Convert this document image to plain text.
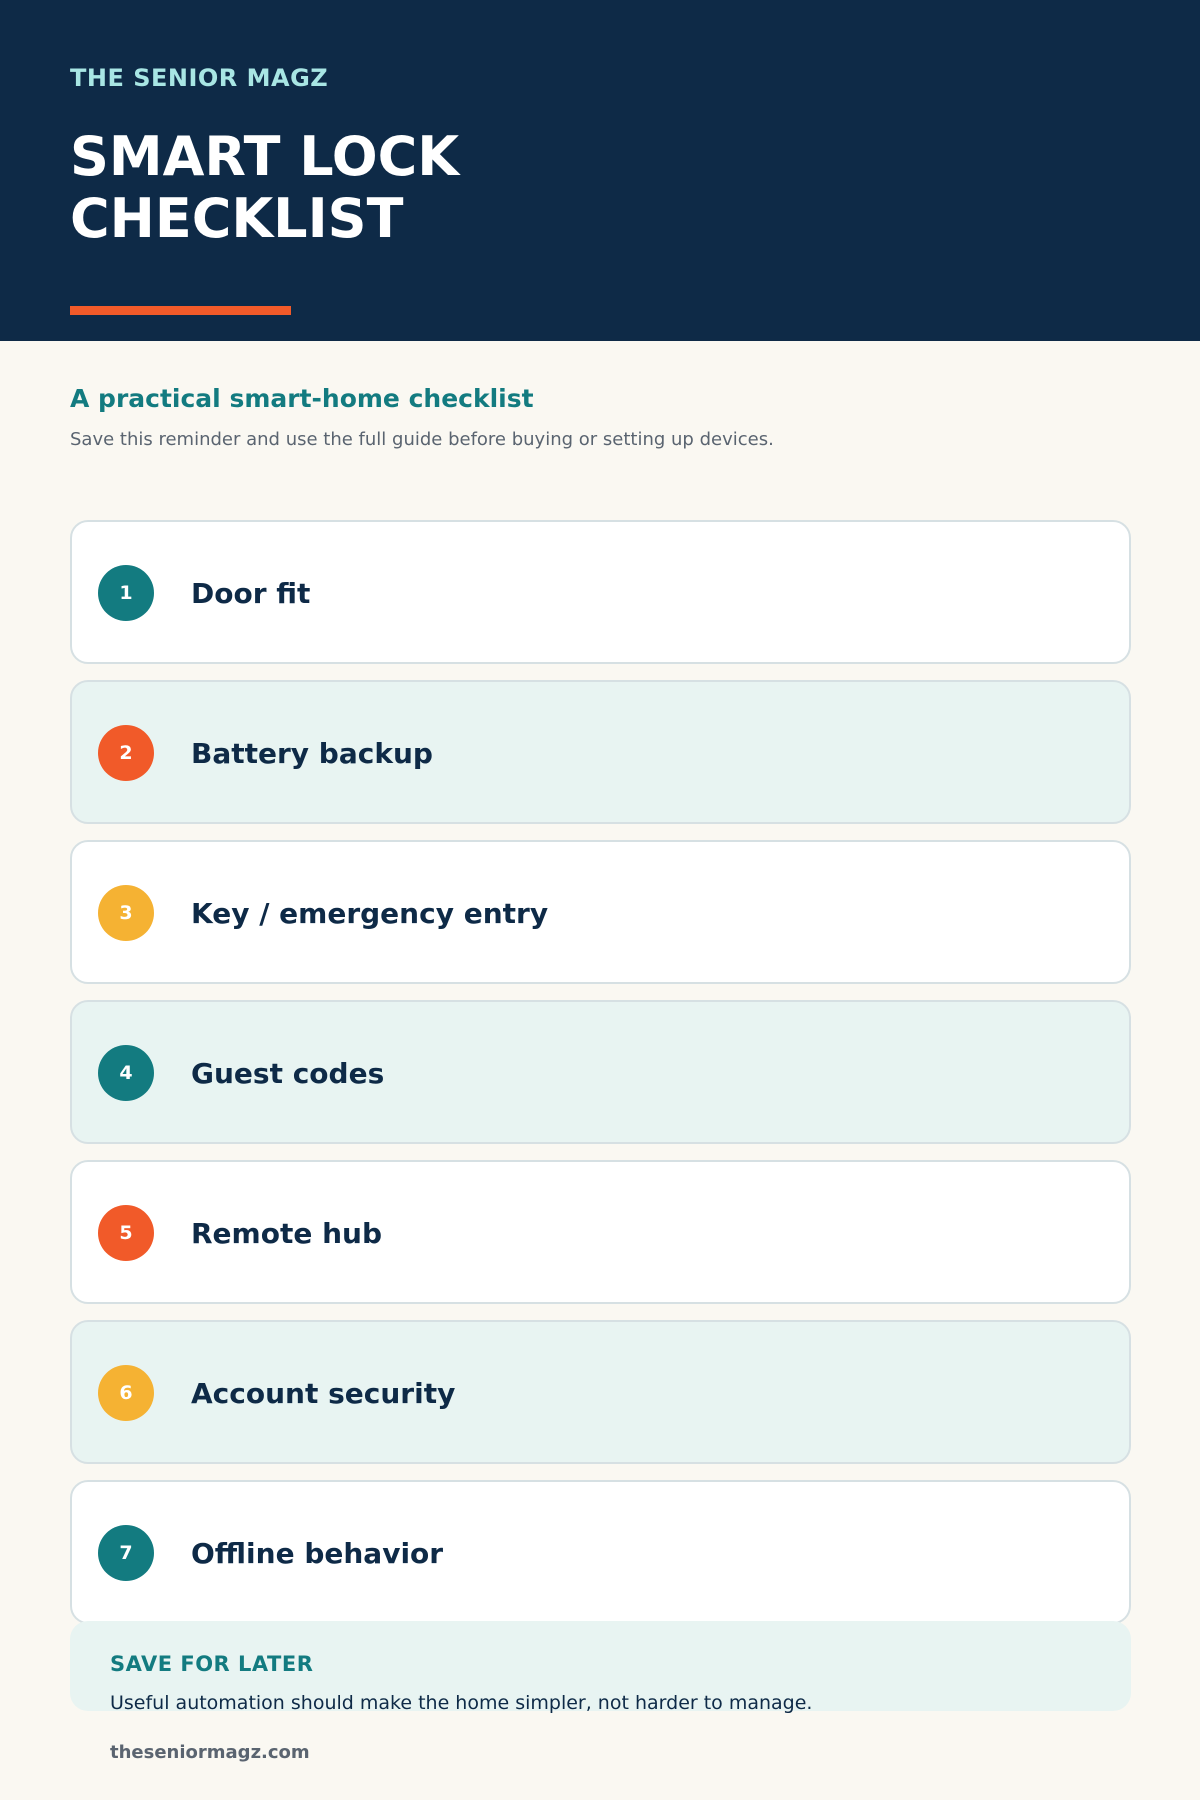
THE SENIOR MAGZ
SMART LOCK
CHECKLIST
A practical smart-home checklist

Save this reminder and use the full guide before buying or setting up devices.

1	Door fit
2	Battery backup
3	Key / emergency entry
4	Guest codes
5	Remote hub
6	Account security
7	Offline behavior
SAVE FOR LATER
Useful automation should make the home simpler, not harder to manage.
theseniormagz.com
